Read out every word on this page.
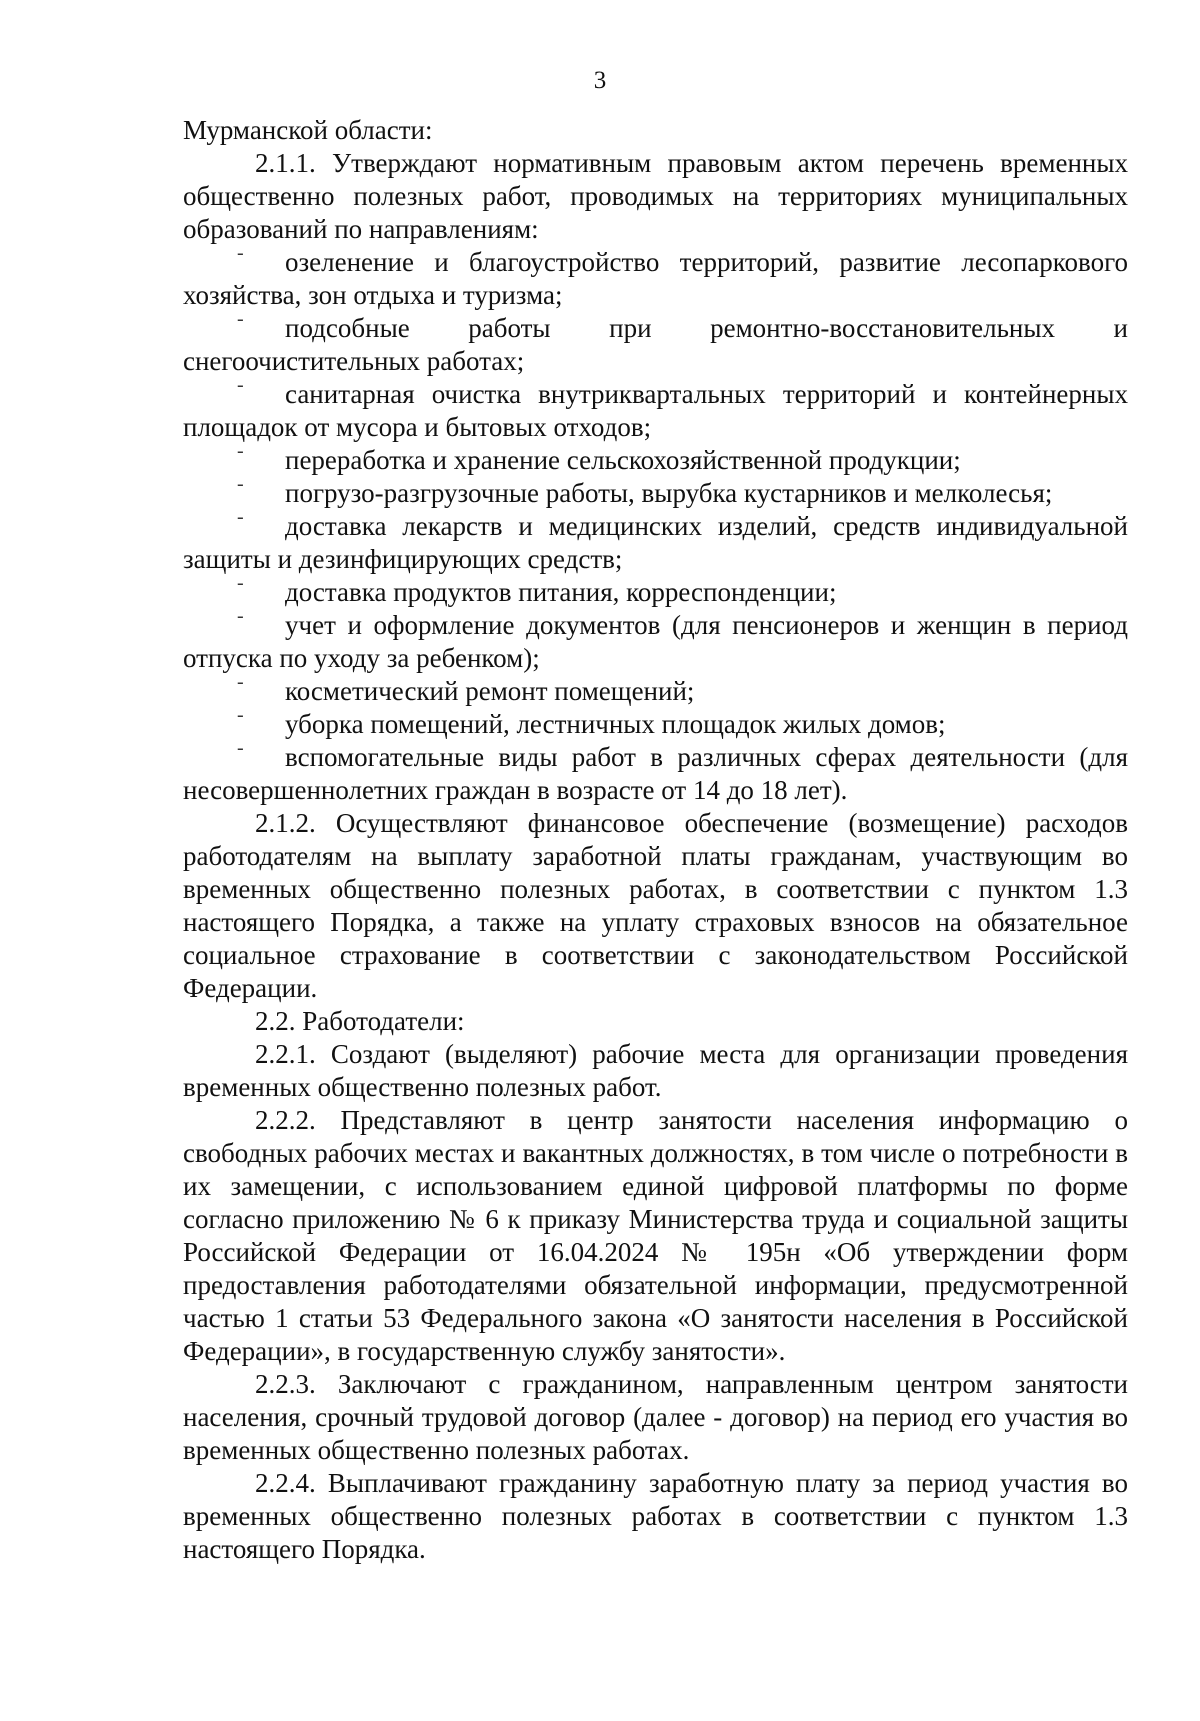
3

Мурманской области:

2.1.1. Утверждают нормативным правовым актом перечень временных общественно полезных работ, проводимых на территориях муниципальных образований по направлениям:

- озеленение и благоустройство территорий, развитие лесопаркового хозяйства, зон отдыха и туризма;

- подсобные работы при ремонтно-восстановительных и снегоочистительных работах;

- санитарная очистка внутриквартальных территорий и контейнерных площадок от мусора и бытовых отходов;

- переработка и хранение сельскохозяйственной продукции;

- погрузо-разгрузочные работы, вырубка кустарников и мелколесья;

- доставка лекарств и медицинских изделий, средств индивидуальной защиты и дезинфицирующих средств;

- доставка продуктов питания, корреспонденции;

- учет и оформление документов (для пенсионеров и женщин в период отпуска по уходу за ребенком);

- косметический ремонт помещений;

- уборка помещений, лестничных площадок жилых домов;

- вспомогательные виды работ в различных сферах деятельности (для несовершеннолетних граждан в возрасте от 14 до 18 лет).

2.1.2. Осуществляют финансовое обеспечение (возмещение) расходов работодателям на выплату заработной платы гражданам, участвующим во временных общественно полезных работах, в соответствии с пунктом 1.3 настоящего Порядка, а также на уплату страховых взносов на обязательное социальное страхование в соответствии с законодательством Российской Федерации.

2.2. Работодатели:

2.2.1. Создают (выделяют) рабочие места для организации проведения временных общественно полезных работ.

2.2.2. Представляют в центр занятости населения информацию о свободных рабочих местах и вакантных должностях, в том числе о потребности в их замещении, с использованием единой цифровой платформы по форме согласно приложению № 6 к приказу Министерства труда и социальной защиты Российской Федерации от 16.04.2024 № 195н «Об утверждении форм предоставления работодателями обязательной информации, предусмотренной частью 1 статьи 53 Федерального закона «О занятости населения в Российской Федерации», в государственную службу занятости».

2.2.3. Заключают с гражданином, направленным центром занятости населения, срочный трудовой договор (далее - договор) на период его участия во временных общественно полезных работах.

2.2.4. Выплачивают гражданину заработную плату за период участия во временных общественно полезных работах в соответствии с пунктом 1.3 настоящего Порядка.
